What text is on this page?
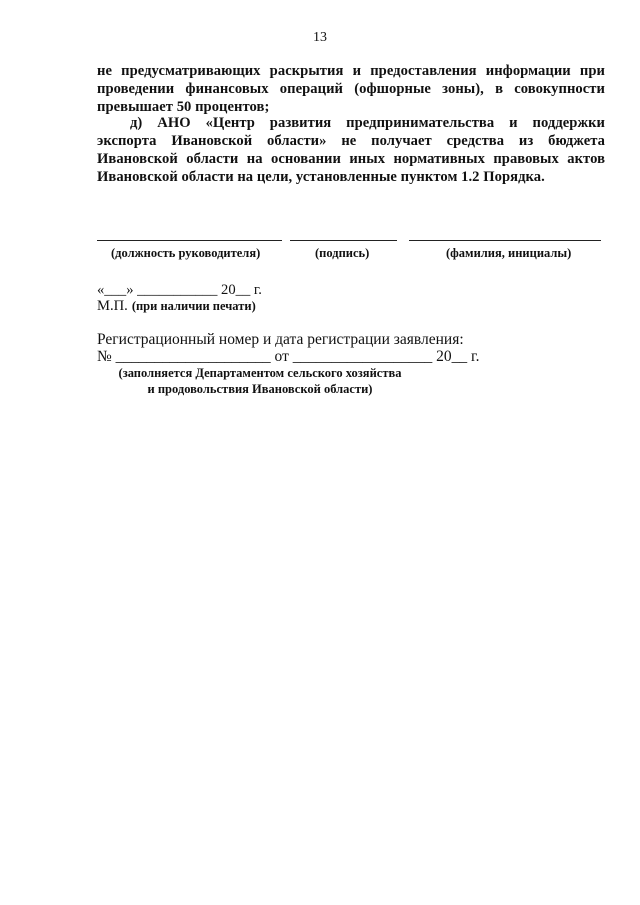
13
не предусматривающих раскрытия и предоставления информации при
проведении финансовых операций (офшорные зоны), в совокупности
превышает 50 процентов;
д) АНО «Центр развития предпринимательства и поддержки
экспорта Ивановской области» не получает средства из бюджета
Ивановской области на основании иных нормативных правовых актов
Ивановской области на цели, установленные пунктом 1.2 Порядка.
(должность руководителя)	(подпись)	(фамилия, инициалы)
«___» ___________ 20__ г.
М.П. (при наличии печати)
Регистрационный номер и дата регистрации заявления:
№ ____________________ от __________________ 20__ г.
(заполняется Департаментом сельского хозяйства
и продовольствия Ивановской области)
